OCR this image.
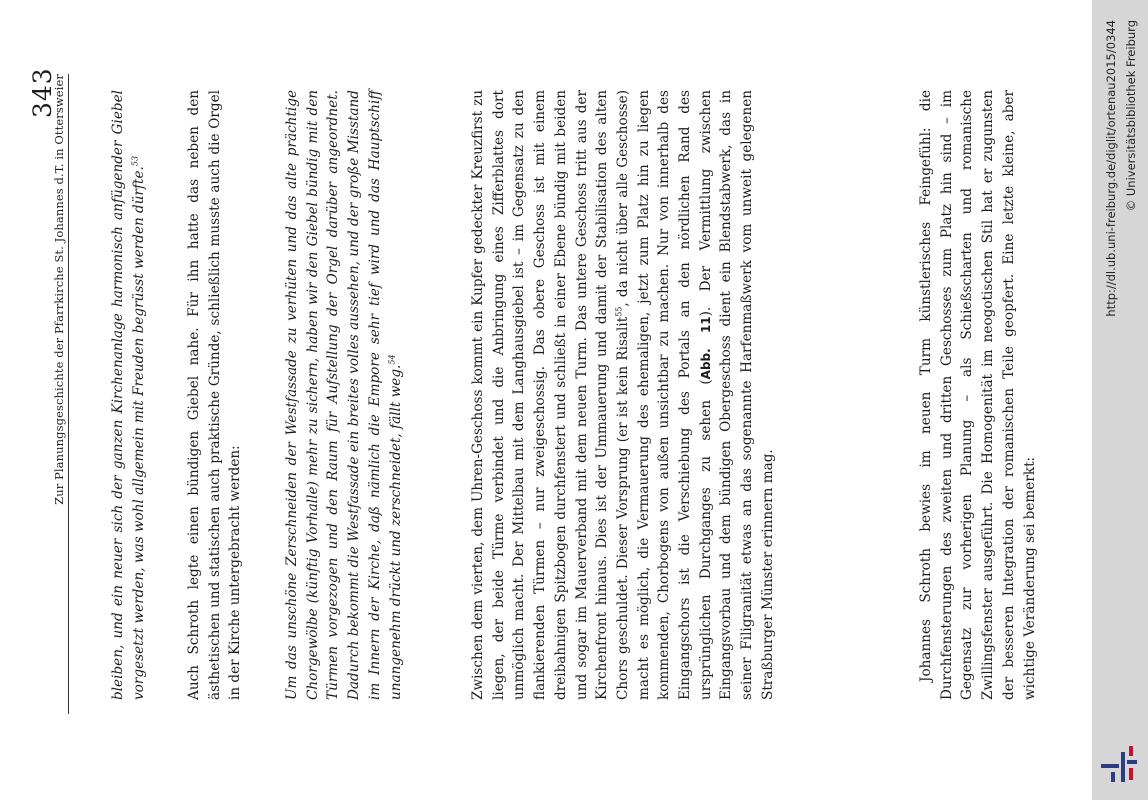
Zur Planungsgeschichte der Pfarrkirche St. Johannes d.T. in Ottersweier
343	bleiben, und ein neuer sich der ganzen Kirchenanlage harmonisch anfügender Giebel vorgesetzt werden, was wohl allgemein mit Freuden begrüsst werden dürfte.$^{53}$	Auch Schroth legte einen bündigen Giebel nahe. Für ihn hatte das neben den ästhetischen und statischen auch praktische Gründe, schließlich musste auch die Orgel in der Kirche untergebracht werden:	Um das unschöne Zerschneiden der Westfassade zu verhüten und das alte prächtige Chorgewölbe (künftig Vorhalle) mehr zu sichern, haben wir den Giebel bündig mit den Türmen vorgezogen und den Raum für Aufstellung der Orgel darüber angeordnet. Dadurch bekommt die Westfassade ein breites volles aussehen, und der große Misstand im Innern der Kirche, daß nämlich die Empore sehr tief wird und das Hauptschiff unangenehm drückt und zerschneidet, fällt weg.$^{54}$	Zwischen dem vierten, dem Uhren-Geschoss kommt ein Kupfer gedeckter Kreuzfirst zu liegen, der beide Türme verbindet und die Anbringung eines Zifferblattes dort unmöglich macht. Der Mittelbau mit dem Langhausgiebel ist – im Gegensatz zu den flankierenden Türmen – nur zweigeschossig. Das obere Geschoss ist mit einem dreibahnigen Spitzbogen durchfenstert und schließt in einer Ebene bündig mit beiden und sogar im Mauerverband mit dem neuen Turm. Das untere Geschoss tritt aus der Kirchenfront hinaus. Dies ist der Ummauerung und damit der Stabilisation des alten Chors geschuldet. Dieser Vorsprung (er ist kein Risalit$^{55}$, da nicht über alle Geschosse) macht es möglich, die Vermauerung des ehemaligen, jetzt zum Platz hin zu liegen kommenden, Chorbogens von außen unsichtbar zu machen. Nur von innerhalb des Eingangschors ist die Verschiebung des Portals an den nördlichen Rand des ursprünglichen Durchganges zu sehen (Abb. 11). Der Vermittlung zwischen Eingangsvorbau und dem bündigen Obergeschoss dient ein Blendstabwerk, das in seiner Filigranität etwas an das sogenannte Harfenmaßwerk vom unweit gelegenen Straßburger Münster erinnern mag.	Johannes Schroth bewies im neuen Turm künstlerisches Feingefühl: die Durchfensterungen des zweiten und dritten Geschosses zum Platz hin sind – im Gegensatz zur vorherigen Planung – als Schießscharten und romanische Zwillingsfenster ausgeführt. Die Homogenität im neogotischen Stil hat er zugunsten der besseren Integration der romanischen Teile geopfert. Eine letzte kleine, aber wichtige Veränderung sei bemerkt:

http://dl.ub.uni-freiburg.de/diglit/ortenau2015/0344 © Universitätsbibliothek Freiburg
